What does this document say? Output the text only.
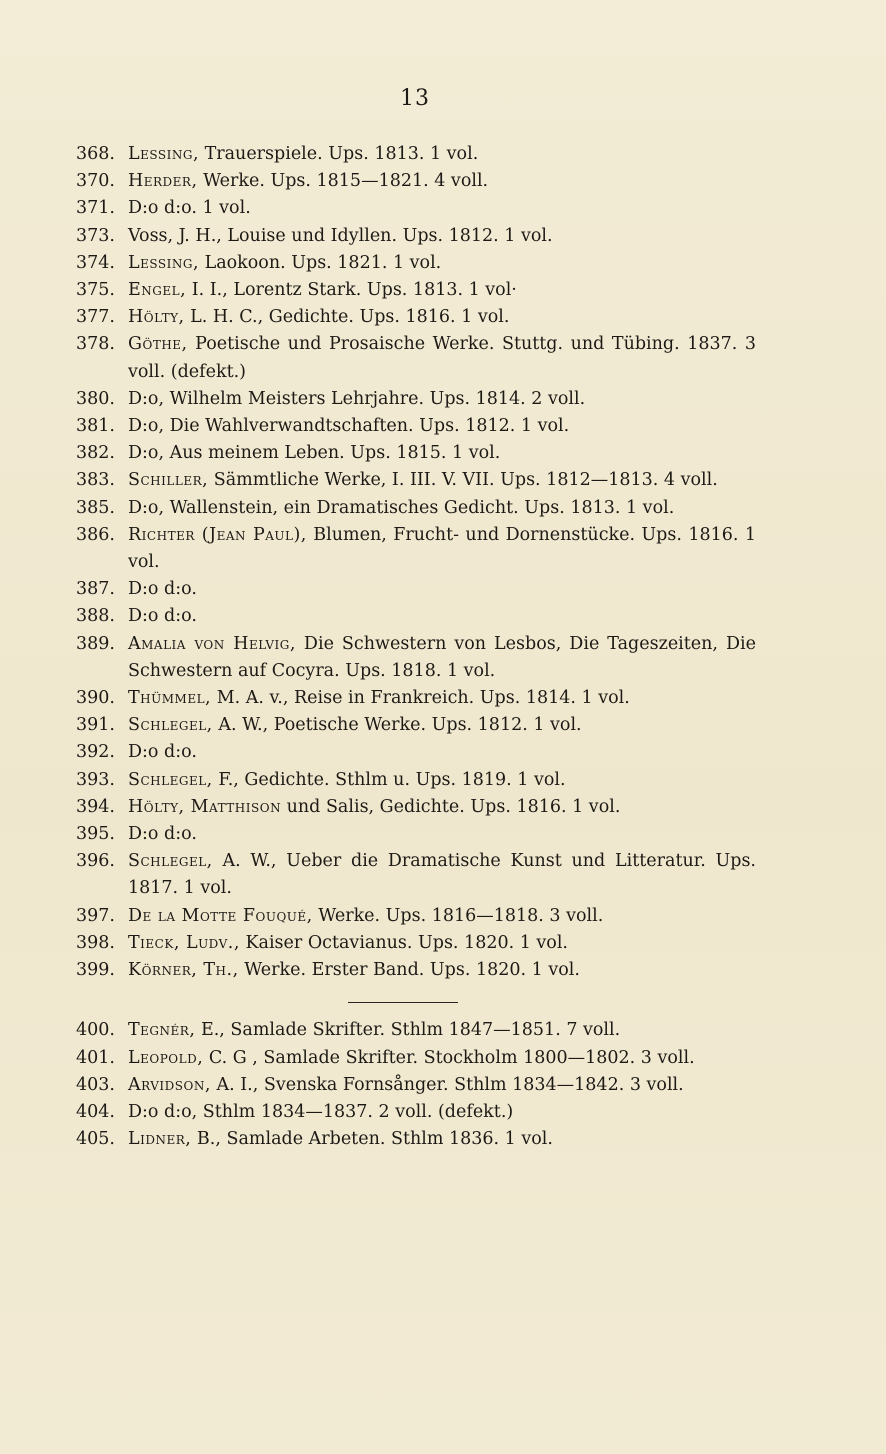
13
368. Lessing, Trauerspiele. Ups. 1813. 1 vol.
370. Herder, Werke. Ups. 1815—1821. 4 voll.
371. D:o d:o. 1 vol.
373. Voss, J. H., Louise und Idyllen. Ups. 1812. 1 vol.
374. Lessing, Laokoon. Ups. 1821. 1 vol.
375. Engel, I. I., Lorentz Stark. Ups. 1813. 1 vol·
377. Hölty, L. H. C., Gedichte. Ups. 1816. 1 vol.
378. Göthe, Poetische und Prosaische Werke. Stuttg. und Tübing. 1837. 3 voll. (defekt.)
380. D:o, Wilhelm Meisters Lehrjahre. Ups. 1814. 2 voll.
381. D:o, Die Wahlverwandtschaften. Ups. 1812. 1 vol.
382. D:o, Aus meinem Leben. Ups. 1815. 1 vol.
383. Schiller, Sämmtliche Werke, I. III. V. VII. Ups. 1812—1813. 4 voll.
385. D:o, Wallenstein, ein Dramatisches Gedicht. Ups. 1813. 1 vol.
386. Richter (Jean Paul), Blumen, Frucht- und Dornenstücke. Ups. 1816. 1 vol.
387. D:o d:o.
388. D:o d:o.
389. Amalia von Helvig, Die Schwestern von Lesbos, Die Tageszeiten, Die Schwestern auf Cocyra. Ups. 1818. 1 vol.
390. Thümmel, M. A. v., Reise in Frankreich. Ups. 1814. 1 vol.
391. Schlegel, A. W., Poetische Werke. Ups. 1812. 1 vol.
392. D:o d:o.
393. Schlegel, F., Gedichte. Sthlm u. Ups. 1819. 1 vol.
394. Hölty, Matthison und Salis, Gedichte. Ups. 1816. 1 vol.
395. D:o d:o.
396. Schlegel, A. W., Ueber die Dramatische Kunst und Litteratur. Ups. 1817. 1 vol.
397. De la Motte Fouqué, Werke. Ups. 1816—1818. 3 voll.
398. Tieck, Ludv., Kaiser Octavianus. Ups. 1820. 1 vol.
399. Körner, Th., Werke. Erster Band. Ups. 1820. 1 vol.
400. Tegnér, E., Samlade Skrifter. Sthlm 1847—1851. 7 voll.
401. Leopold, C. G , Samlade Skrifter. Stockholm 1800—1802. 3 voll.
403. Arvidson, A. I., Svenska Fornsånger. Sthlm 1834—1842. 3 voll.
404. D:o d:o, Sthlm 1834—1837. 2 voll. (defekt.)
405. Lidner, B., Samlade Arbeten. Sthlm 1836. 1 vol.
